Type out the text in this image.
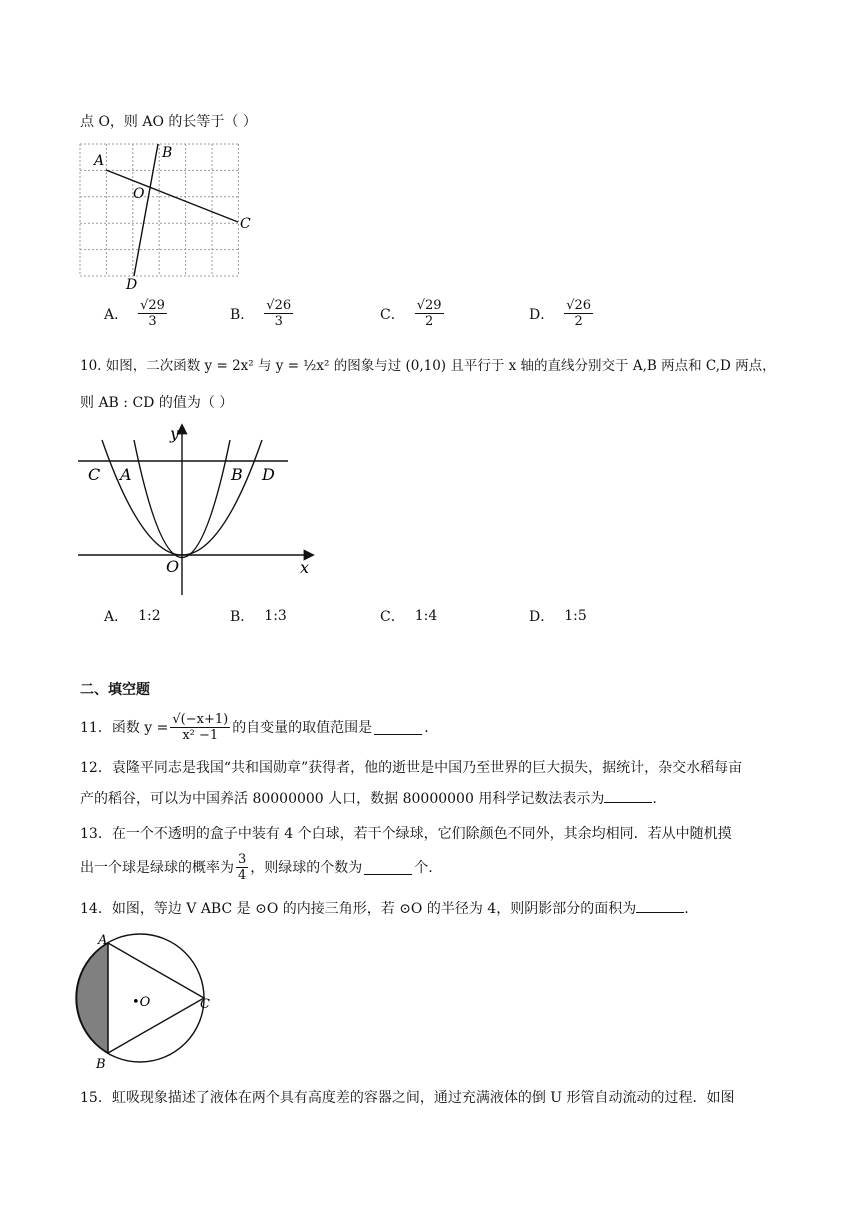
点 O，则 AO 的长等于（ ）
A	B
O
C
D
A． $\frac{√29}{3}$	B． $\frac{√26}{3}$	C． $\frac{√29}{2}$	D． $\frac{√26}{2}$
10. 如图，二次函数 y = 2x² 与 y = ½x² 的图象与过 (0,10) 且平行于 x 轴的直线分别交于 A,B 两点和 C,D 两点，
则 AB : CD 的值为（ ）
y
x
O
C A	B D
A． 1:2	B． 1:3	C． 1:4	D． 1:5
二、填空题
11．函数 $y = \frac{√(-x+1)}{\text{x² −1}}$ 的自变量的取值范围是	.
12．袁隆平同志是我国“共和国勋章”获得者，他的逝世是中国乃至世界的巨大损失，据统计，杂交水稻每亩
产的稻谷，可以为中国养活 80000000 人口，数据 80000000 用科学记数法表示为	.
13．在一个不透明的盒子中装有 4 个白球，若干个绿球，它们除颜色不同外，其余均相同．若从中随机摸
出一个球是绿球的概率为 $\frac{3}{4}$ ，则绿球的个数为	个.
14．如图，等边 V ABC 是 ⊙O 的内接三角形，若 ⊙O 的半径为 4，则阴影部分的面积为	.
A
B
C
•O
15．虹吸现象描述了液体在两个具有高度差的容器之间，通过充满液体的倒 U 形管自动流动的过程．如图
